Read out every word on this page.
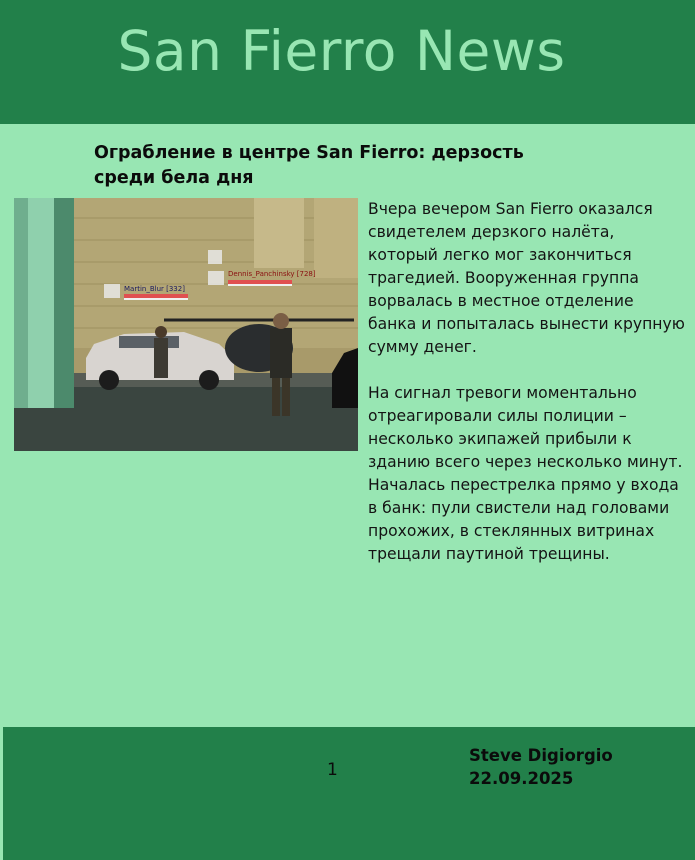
San Fierro News
Ограбление в центре San Fierro: дерзость среди бела дня
Martin_Blur [332]
Dennis_Panchinsky [728]

Вчера вечером San Fierro оказался свидетелем дерзкого налёта, который легко мог закончиться трагедией. Вооруженная группа ворвалась в местное отделение банка и попыталась вынести крупную сумму денег.

На сигнал тревоги моментально отреагировали силы полиции – несколько экипажей прибыли к зданию всего через несколько минут. Началась перестрелка прямо у входа в банк: пули свистели над головами прохожих, в стеклянных витринах трещали паутиной трещины.

1
Steve Digiorgio
22.09.2025
